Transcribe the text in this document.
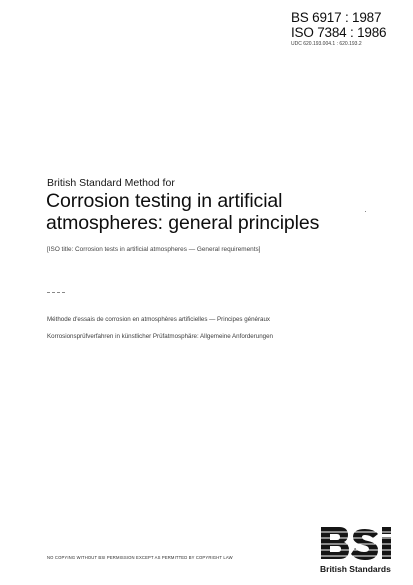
BS 6917 : 1987
ISO 7384 : 1986
UDC 620.193.004.1 : 620.193.2
British Standard Method for
Corrosion testing in artificial
atmospheres: general principles
[ISO title: Corrosion tests in artificial atmospheres — General requirements]
Méthode d'essais de corrosion en atmosphères artificielles — Principes généraux
Korrosionsprüfverfahren in künstlicher Prüfatmosphäre: Allgemeine Anforderungen
NO COPYING WITHOUT BSI PERMISSION EXCEPT AS PERMITTED BY COPYRIGHT LAW
British Standards
